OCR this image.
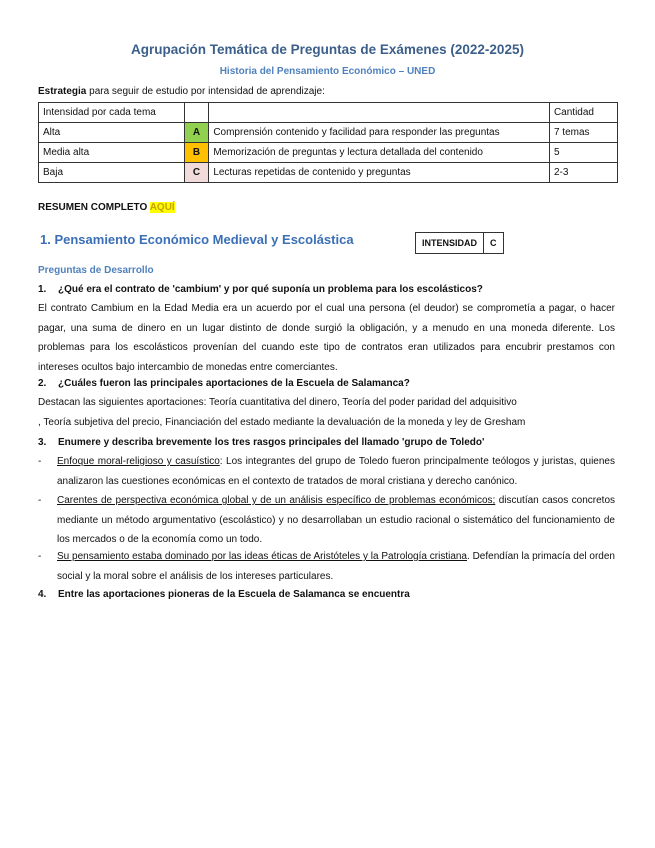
Agrupación Temática de Preguntas de Exámenes (2022-2025)
Historia del Pensamiento Económico – UNED
Estrategia para seguir de estudio por intensidad de aprendizaje:
Intensidad por cada tema			Cantidad
Alta	A	Comprensión contenido y facilidad para responder las preguntas	7 temas
Media alta	B	Memorización de preguntas y lectura detallada del contenido	5
Baja	C	Lecturas repetidas de contenido y preguntas	2-3
RESUMEN COMPLETO AQUÍ
1. Pensamiento Económico Medieval y Escolástica	INTENSIDAD	C
Preguntas de Desarrollo
1. ¿Qué era el contrato de 'cambium' y por qué suponía un problema para los escolásticos?

El contrato Cambium en la Edad Media era un acuerdo por el cual una persona (el deudor) se comprometía a pagar, o hacer pagar, una suma de dinero en un lugar distinto de donde surgió la obligación, y a menudo en una moneda diferente. Los problemas para los escolásticos provenían del cuando este tipo de contratos eran utilizados para encubrir prestamos con intereses ocultos bajo intercambio de monedas entre comerciantes.

2. ¿Cuáles fueron las principales aportaciones de la Escuela de Salamanca?
Destacan las siguientes aportaciones: Teoría cuantitativa del dinero, Teoría del poder paridad del adquisitivo
, Teoría subjetiva del precio, Financiación del estado mediante la devaluación de la moneda y ley de Gresham
3. Enumere y describa brevemente los tres rasgos principales del llamado 'grupo de Toledo'
- Enfoque moral-religioso y casuístico: Los integrantes del grupo de Toledo fueron principalmente teólogos y juristas, quienes analizaron las cuestiones económicas en el contexto de tratados de moral cristiana y derecho canónico.
- Carentes de perspectiva económica global y de un análisis específico de problemas económicos; discutían casos concretos mediante un método argumentativo (escolástico) y no desarrollaban un estudio racional o sistemático del funcionamiento de los mercados o de la economía como un todo.
- Su pensamiento estaba dominado por las ideas éticas de Aristóteles y la Patrología cristiana. Defendían la primacía del orden social y la moral sobre el análisis de los intereses particulares.
4. Entre las aportaciones pioneras de la Escuela de Salamanca se encuentra
